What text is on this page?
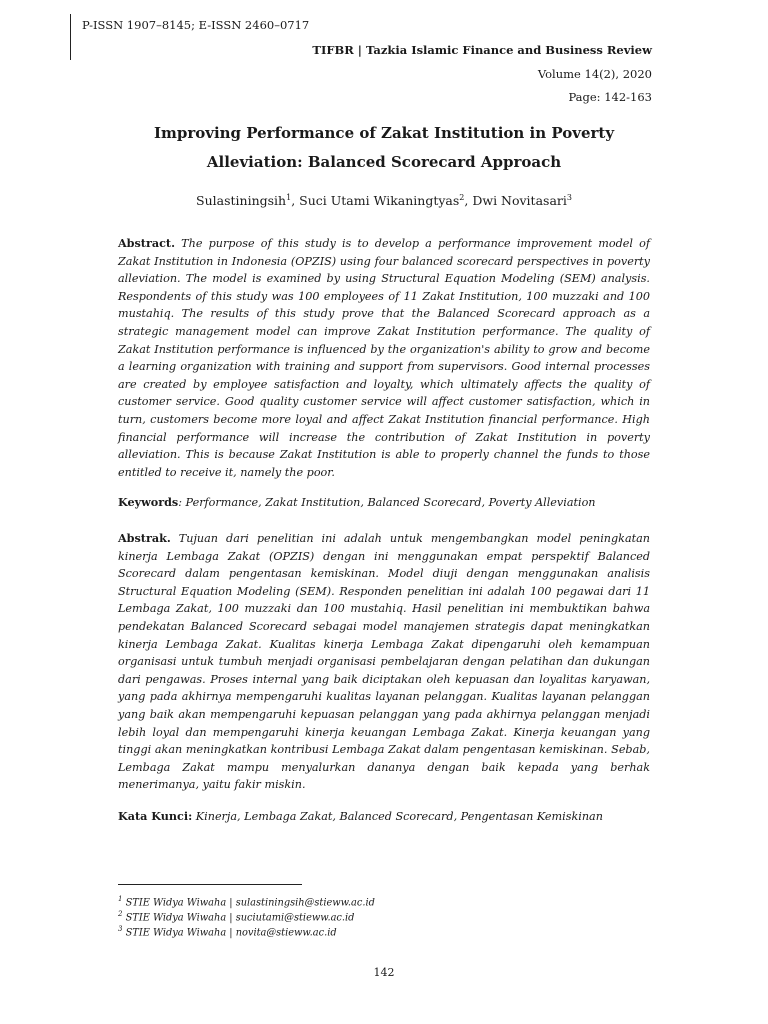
P-ISSN 1907–8145; E-ISSN 2460–0717
TIFBR | Tazkia Islamic Finance and Business Review
Volume 14(2), 2020
Page: 142-163
Improving Performance of Zakat Institution in Poverty Alleviation: Balanced Scorecard Approach
Sulastiningsih$^1$, Suci Utami Wikaningtyas$^2$, Dwi Novitasari$^3$

Abstract. The purpose of this study is to develop a performance improvement model of Zakat Institution in Indonesia (OPZIS) using four balanced scorecard perspectives in poverty alleviation. The model is examined by using Structural Equation Modeling (SEM) analysis. Respondents of this study was 100 employees of 11 Zakat Institution, 100 muzzaki and 100 mustahiq. The results of this study prove that the Balanced Scorecard approach as a strategic management model can improve Zakat Institution performance. The quality of Zakat Institution performance is influenced by the organization's ability to grow and become a learning organization with training and support from supervisors. Good internal processes are created by employee satisfaction and loyalty, which ultimately affects the quality of customer service. Good quality customer service will affect customer satisfaction, which in turn, customers become more loyal and affect Zakat Institution financial performance. High financial performance will increase the contribution of Zakat Institution in poverty alleviation. This is because Zakat Institution is able to properly channel the funds to those entitled to receive it, namely the poor.

Keywords: Performance, Zakat Institution, Balanced Scorecard, Poverty Alleviation

Abstrak. Tujuan dari penelitian ini adalah untuk mengembangkan model peningkatan kinerja Lembaga Zakat (OPZIS) dengan ini menggunakan empat perspektif Balanced Scorecard dalam pengentasan kemiskinan. Model diuji dengan menggunakan analisis Structural Equation Modeling (SEM). Responden penelitian ini adalah 100 pegawai dari 11 Lembaga Zakat, 100 muzzaki dan 100 mustahiq. Hasil penelitian ini membuktikan bahwa pendekatan Balanced Scorecard sebagai model manajemen strategis dapat meningkatkan kinerja Lembaga Zakat. Kualitas kinerja Lembaga Zakat dipengaruhi oleh kemampuan organisasi untuk tumbuh menjadi organisasi pembelajaran dengan pelatihan dan dukungan dari pengawas. Proses internal yang baik diciptakan oleh kepuasan dan loyalitas karyawan, yang pada akhirnya mempengaruhi kualitas layanan pelanggan. Kualitas layanan pelanggan yang baik akan mempengaruhi kepuasan pelanggan yang pada akhirnya pelanggan menjadi lebih loyal dan mempengaruhi kinerja keuangan Lembaga Zakat. Kinerja keuangan yang tinggi akan meningkatkan kontribusi Lembaga Zakat dalam pengentasan kemiskinan. Sebab, Lembaga Zakat mampu menyalurkan dananya dengan baik kepada yang berhak menerimanya, yaitu fakir miskin.

Kata Kunci: Kinerja, Lembaga Zakat, Balanced Scorecard, Pengentasan Kemiskinan

$^1$ STIE Widya Wiwaha | sulastiningsih@stieww.ac.id
$^2$ STIE Widya Wiwaha | suciutami@stieww.ac.id
$^3$ STIE Widya Wiwaha | novita@stieww.ac.id
142
